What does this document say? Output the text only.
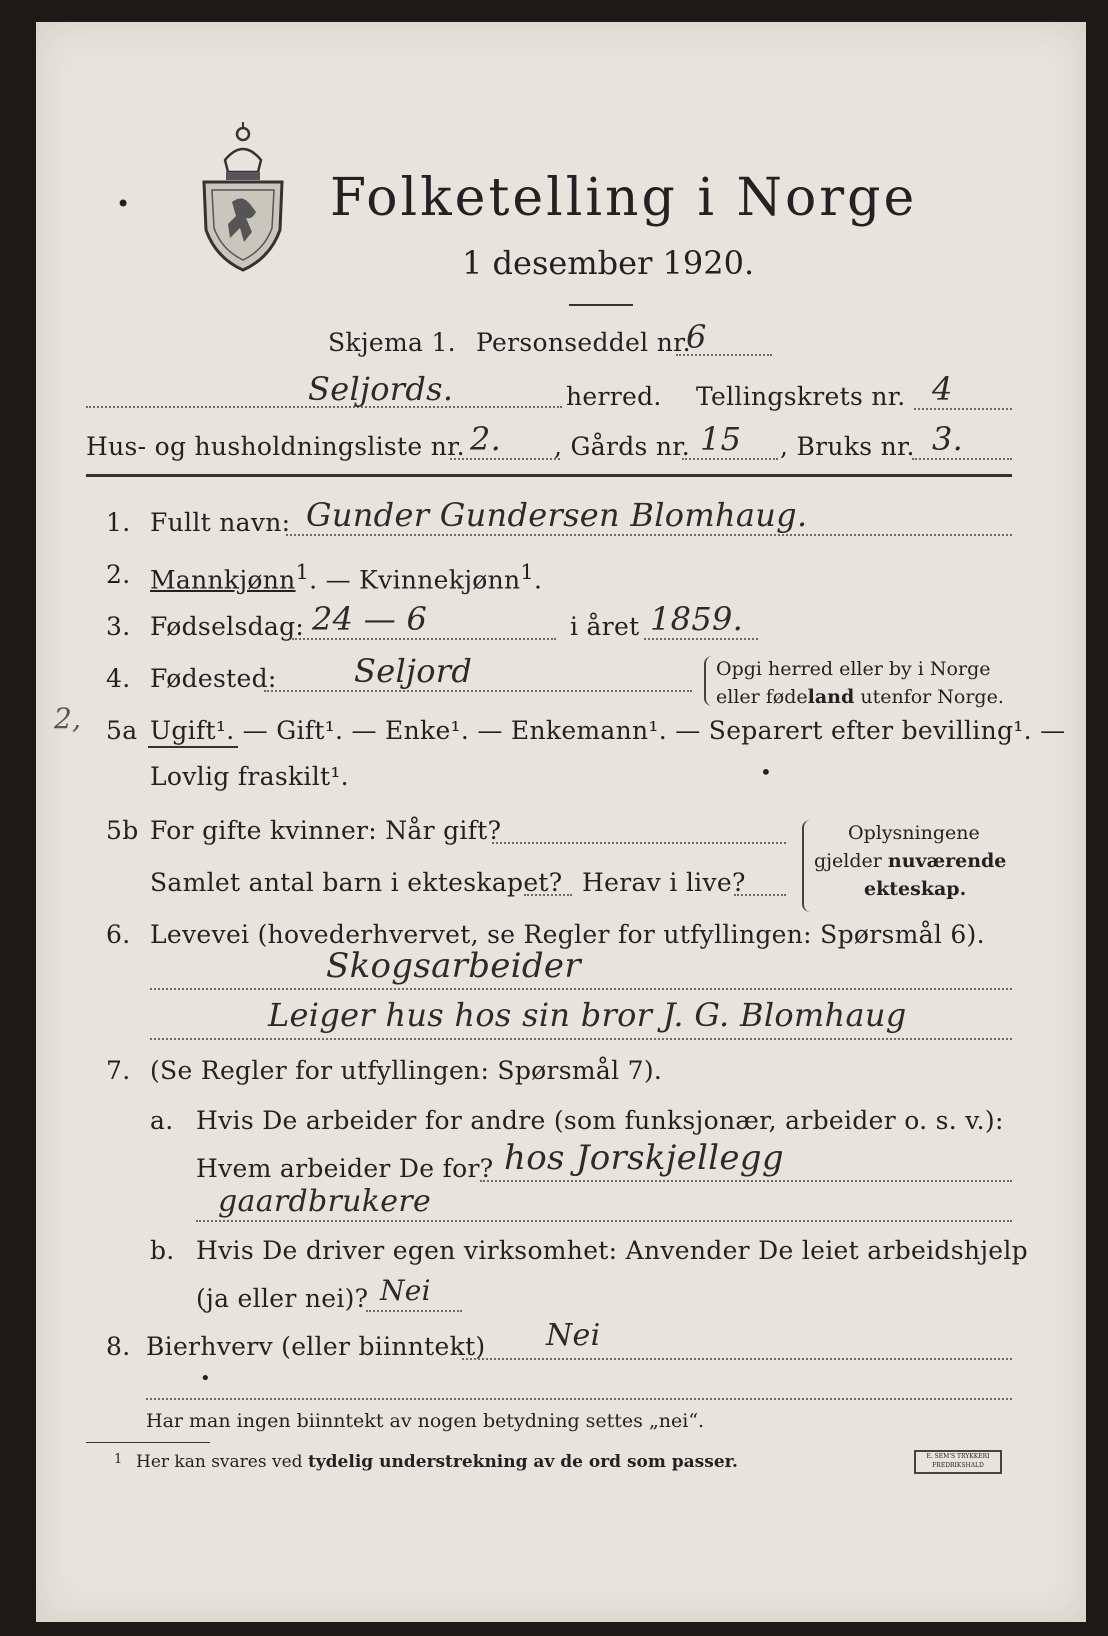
•	Folketelling i Norge
1 desember 1920.
Skjema 1. Personseddel nr.
6
Seljords.	herred. Tellingskrets nr. 4
Hus- og husholdningsliste nr. 2. , Gårds nr. 15 , Bruks nr. 3.
1. Fullt navn: Gunder Gundersen Blomhaug.
2. Mannkjønn$^1$. — Kvinnekjønn$^1$.
3. Fødselsdag: 24 — 6	i året 1859.
4. Fødested: Seljord	Opgi herred eller by i Norge
eller fødeland utenfor Norge.
2, 5a Ugift¹. — Gift¹. — Enke¹. — Enkemann¹. — Separert efter bevilling¹. —
Lovlig fraskilt¹.	•
5b For gifte kvinner: Når gift?
Samlet antal barn i ekteskapet? Herav i live?
Oplysningene
gjelder nuværende
ekteskap.
6. Levevei (hovederhvervet, se Regler for utfyllingen: Spørsmål 6).
Skogsarbeider
Leiger hus hos sin bror J. G. Blomhaug
7. (Se Regler for utfyllingen: Spørsmål 7).
a. Hvis De arbeider for andre (som funksjonær, arbeider o. s. v.):
Hvem arbeider De for? hos Jorskjellegg
gaardbrukere
b. Hvis De driver egen virksomhet: Anvender De leiet arbeidshjelp
(ja eller nei)? Nei
8. Bierhverv (eller biinntekt) Nei
•
Har man ingen biinntekt av nogen betydning settes „nei“.
1 Her kan svares ved tydelig understrekning av de ord som passer.	E. SEM'S TRYKKERI
FREDRIKSHALD
